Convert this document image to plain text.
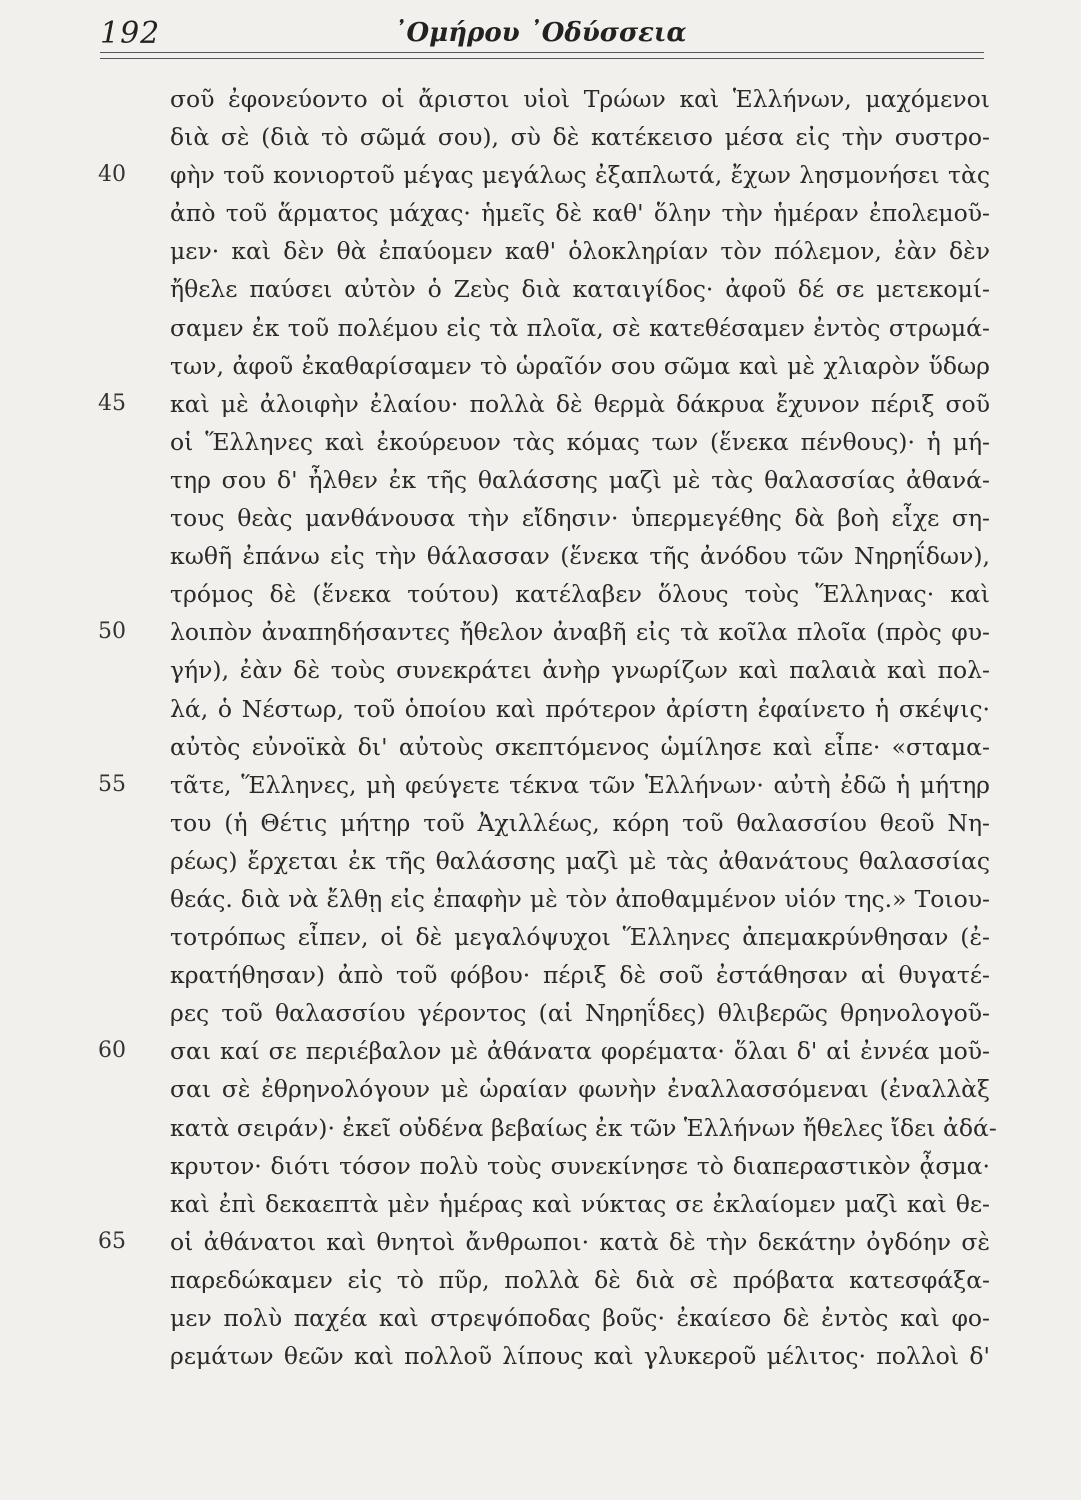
192	᾿Ομήρου ᾿Οδύσσεια
σοῦ ἐφονεύοντο οἱ ἄριστοι υἱοὶ Τρώων καὶ Ἑλλήνων, μαχόμενοι
διὰ σὲ (διὰ τὸ σῶμά σου), σὺ δὲ κατέκεισο μέσα εἰς τὴν συστρο-
40	φὴν τοῦ κονιορτοῦ μέγας μεγάλως ἐξαπλωτά, ἔχων λησμονήσει τὰς
ἀπὸ τοῦ ἅρματος μάχας· ἡμεῖς δὲ καθ' ὅλην τὴν ἡμέραν ἐπολεμοῦ-
μεν· καὶ δὲν θὰ ἐπαύομεν καθ' ὁλοκληρίαν τὸν πόλεμον, ἐὰν δὲν
ἤθελε παύσει αὐτὸν ὁ Ζεὺς διὰ καταιγίδος· ἀφοῦ δέ σε μετεκομί-
σαμεν ἐκ τοῦ πολέμου εἰς τὰ πλοῖα, σὲ κατεθέσαμεν ἐντὸς στρωμά-
των, ἀφοῦ ἐκαθαρίσαμεν τὸ ὡραῖόν σου σῶμα καὶ μὲ χλιαρὸν ὕδωρ
45	καὶ μὲ ἀλοιφὴν ἐλαίου· πολλὰ δὲ θερμὰ δάκρυα ἔχυνον πέριξ σοῦ
οἱ Ἕλληνες καὶ ἐκούρευον τὰς κόμας των (ἕνεκα πένθους)· ἡ μή-
τηρ σου δ' ἦλθεν ἐκ τῆς θαλάσσης μαζὶ μὲ τὰς θαλασσίας ἀθανά-
τους θεὰς μανθάνουσα τὴν εἴδησιν· ὑπερμεγέθης δὰ βοὴ εἶχε ση-
κωθῆ ἐπάνω εἰς τὴν θάλασσαν (ἕνεκα τῆς ἀνόδου τῶν Νηρηΐδων),
τρόμος δὲ (ἕνεκα τούτου) κατέλαβεν ὅλους τοὺς Ἕλληνας· καὶ
50	λοιπὸν ἀναπηδήσαντες ἤθελον ἀναβῆ εἰς τὰ κοῖλα πλοῖα (πρὸς φυ-
γήν), ἐὰν δὲ τοὺς συνεκράτει ἀνὴρ γνωρίζων καὶ παλαιὰ καὶ πολ-
λά, ὁ Νέστωρ, τοῦ ὁποίου καὶ πρότερον ἀρίστη ἐφαίνετο ἡ σκέψις·
αὐτὸς εὐνοϊκὰ δι' αὐτοὺς σκεπτόμενος ὡμίλησε καὶ εἶπε· «σταμα-
55	τᾶτε, Ἕλληνες, μὴ φεύγετε τέκνα τῶν Ἑλλήνων· αὐτὴ ἐδῶ ἡ μήτηρ
του (ἡ Θέτις μήτηρ τοῦ Ἀχιλλέως, κόρη τοῦ θαλασσίου θεοῦ Νη-
ρέως) ἔρχεται ἐκ τῆς θαλάσσης μαζὶ μὲ τὰς ἀθανάτους θαλασσίας
θεάς. διὰ νὰ ἔλθῃ εἰς ἐπαφὴν μὲ τὸν ἀποθαμμένον υἱόν της.» Τοιου-
τοτρόπως εἶπεν, οἱ δὲ μεγαλόψυχοι Ἕλληνες ἀπεμακρύνθησαν (ἐ-
κρατήθησαν) ἀπὸ τοῦ φόβου· πέριξ δὲ σοῦ ἐστάθησαν αἱ θυγατέ-
ρες τοῦ θαλασσίου γέροντος (αἱ Νηρηΐδες) θλιβερῶς θρηνολογοῦ-
60	σαι καί σε περιέβαλον μὲ ἀθάνατα φορέματα· ὅλαι δ' αἱ ἐννέα μοῦ-
σαι σὲ ἐθρηνολόγουν μὲ ὡραίαν φωνὴν ἐναλλασσόμεναι (ἐναλλὰξ
κατὰ σειράν)· ἐκεῖ οὐδένα βεβαίως ἐκ τῶν Ἑλλήνων ἤθελες ἴδει ἀδά-
κρυτον· διότι τόσον πολὺ τοὺς συνεκίνησε τὸ διαπεραστικὸν ᾆσμα·
καὶ ἐπὶ δεκαεπτὰ μὲν ἡμέρας καὶ νύκτας σε ἐκλαίομεν μαζὶ καὶ θε-
65	οἱ ἀθάνατοι καὶ θνητοὶ ἄνθρωποι· κατὰ δὲ τὴν δεκάτην ὀγδόην σὲ
παρεδώκαμεν εἰς τὸ πῦρ, πολλὰ δὲ διὰ σὲ πρόβατα κατεσφάξα-
μεν πολὺ παχέα καὶ στρεψόποδας βοῦς· ἐκαίεσο δὲ ἐντὸς καὶ φο-
ρεμάτων θεῶν καὶ πολλοῦ λίπους καὶ γλυκεροῦ μέλιτος· πολλοὶ δ'
